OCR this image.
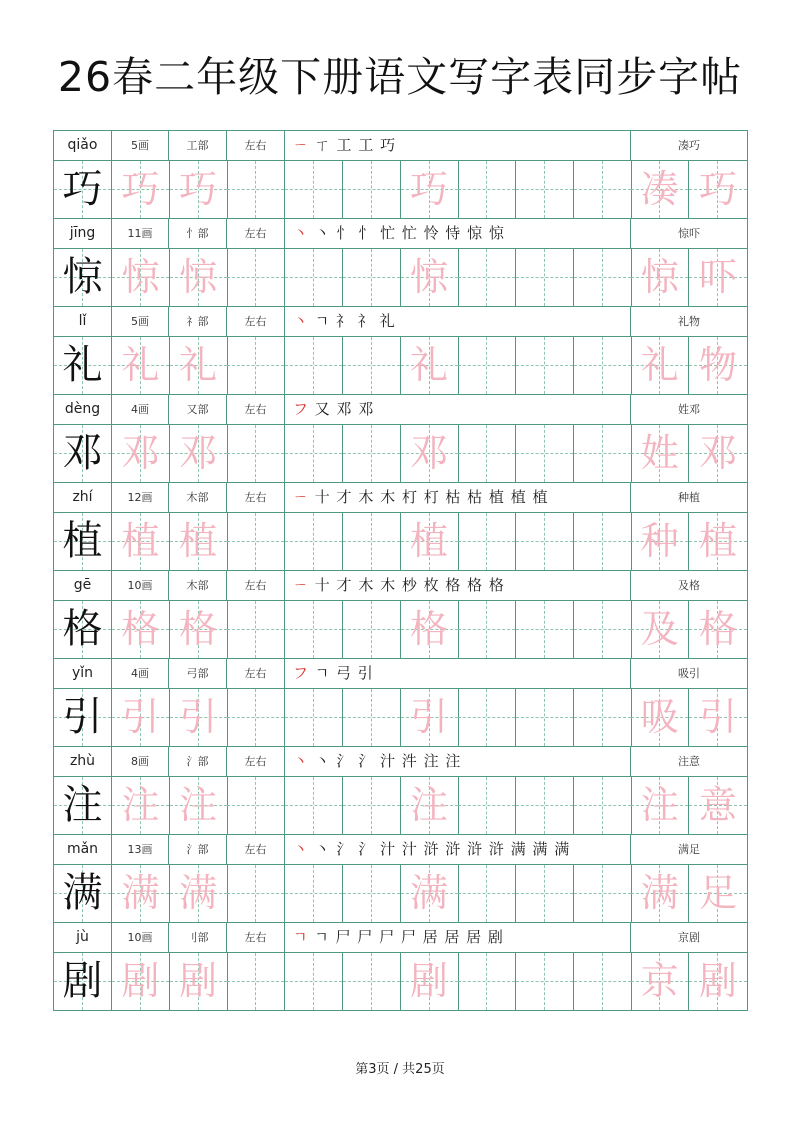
26春二年级下册语文写字表同步字帖
qiǎo	5画	工部	左右	ㄧ ㄒ 工 工 巧	凑巧
巧 巧 巧	巧	凑 巧
jīng	11画	忄部	左右	丶 丶 忄 忄 忙 忙 怜 恃 惊 惊	惊吓
惊 惊 惊	惊	惊 吓
lǐ	5画	礻部	左右	丶 ㄱ 礻 礻 礼	礼物
礼 礼 礼	礼	礼 物
dèng	4画	又部	左右	フ 又 邓 邓	姓邓
邓 邓 邓	邓	姓 邓
zhí	12画	木部	左右	ㄧ 十 才 木 木 朾 朾 枯 枯 植 植 植	种植
植 植 植	植	种 植
gē	10画	木部	左右	ㄧ 十 才 木 木 杪 枚 格 格 格	及格
格 格 格	格	及 格
yǐn	4画	弓部	左右	フ ㄱ 弓 引	吸引
引 引 引	引	吸 引
zhù	8画	氵部	左右	丶 丶 氵 氵 汁 汼 注 注	注意
注 注 注	注	注 意
mǎn	13画	氵部	左右	丶 丶 氵 氵 汁 汁 浒 浒 浒 浒 满 满 满	满足
满 满 满	满	满 足
jù	10画	刂部	左右	ㄱ ㄱ 尸 尸 尸 尸 居 居 居 剧	京剧
剧 剧 剧	剧	京 剧
第3页 / 共25页
